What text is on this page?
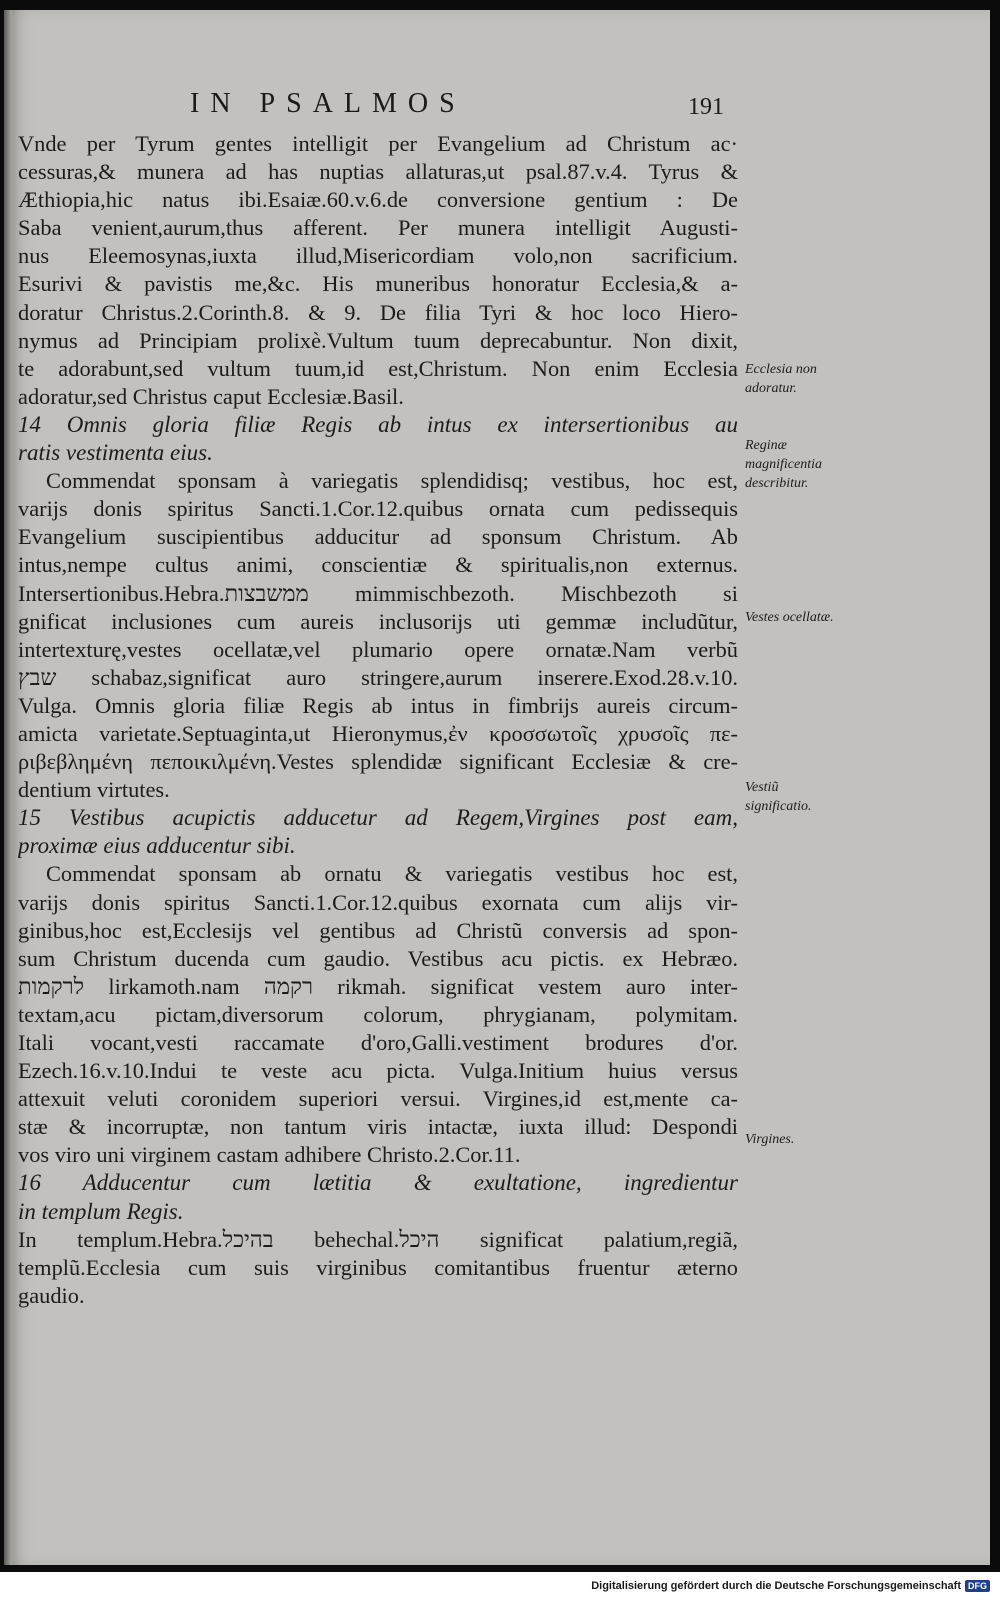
IN PSALMOS	191
Vnde per Tyrum gentes intelligit per Evangelium ad Christum ac·
cessuras,& munera ad has nuptias allaturas,ut psal.87.v.4. Tyrus &
Æthiopia,hic natus ibi.Esaiæ.60.v.6.de conversione gentium : De
Saba venient,aurum,thus afferent. Per munera intelligit Augusti-
nus Eleemosynas,iuxta illud,Misericordiam volo,non sacrificium.
Esurivi & pavistis me,&c. His muneribus honoratur Ecclesia,& a-
doratur Christus.2.Corinth.8. & 9. De filia Tyri & hoc loco Hiero-
nymus ad Principiam prolixè.Vultum tuum deprecabuntur. Non dixit,
te adorabunt,sed vultum tuum,id est,Christum. Non enim Ecclesia
adoratur,sed Christus caput Ecclesiæ.Basil.
14 Omnis gloria filiæ Regis ab intus ex intersertionibus au
ratis vestimenta eius.
Commendat sponsam à variegatis splendidisq; vestibus, hoc est,
varijs donis spiritus Sancti.1.Cor.12.quibus ornata cum pedissequis
Evangelium suscipientibus adducitur ad sponsum Christum. Ab
intus,nempe cultus animi, conscientiæ & spiritualis,non externus.
Intersertionibus.Hebra.ממשבצות mimmischbezoth. Mischbezoth si
gnificat inclusiones cum aureis inclusorijs uti gemmæ includũtur,
intertexturę,vestes ocellatæ,vel plumario opere ornatæ.Nam verbũ
שבץ schabaz,significat auro stringere,aurum inserere.Exod.28.v.10.
Vulga. Omnis gloria filiæ Regis ab intus in fimbrijs aureis circum-
amicta varietate.Septuaginta,ut Hieronymus,ἐν κροσσωτοῖς χρυσοῖς πε-
ριβεβλημένη πεποικιλμένη.Vestes splendidæ significant Ecclesiæ & cre-
dentium virtutes.
15 Vestibus acupictis adducetur ad Regem,Virgines post eam,
proximæ eius adducentur sibi.
Commendat sponsam ab ornatu & variegatis vestibus hoc est,
varijs donis spiritus Sancti.1.Cor.12.quibus exornata cum alijs vir-
ginibus,hoc est,Ecclesijs vel gentibus ad Christũ conversis ad spon-
sum Christum ducenda cum gaudio. Vestibus acu pictis. ex Hebræo.
לרקמות lirkamoth.nam רקמה rikmah. significat vestem auro inter-
textam,acu pictam,diversorum colorum, phrygianam, polymitam.
Itali vocant,vesti raccamate d'oro,Galli.vestiment brodures d'or.
Ezech.16.v.10.Indui te veste acu picta. Vulga.Initium huius versus
attexuit veluti coronidem superiori versui. Virgines,id est,mente ca-
stæ & incorruptæ, non tantum viris intactæ, iuxta illud: Despondi
vos viro uni virginem castam adhibere Christo.2.Cor.11.
16 Adducentur cum lætitia & exultatione, ingredientur
in templum Regis.
In templum.Hebra.בהיכל behechal.היכל significat palatium,regiã,
templũ.Ecclesia cum suis virginibus comitantibus fruentur æterno
gaudio.
Ecclesia non adoratur.
Reginæ magnificentia describitur.
Vestes ocellatæ.
Vestiũ significatio.
Virgines.
Digitalisierung gefördert durch die Deutsche Forschungsgemeinschaft DFG
